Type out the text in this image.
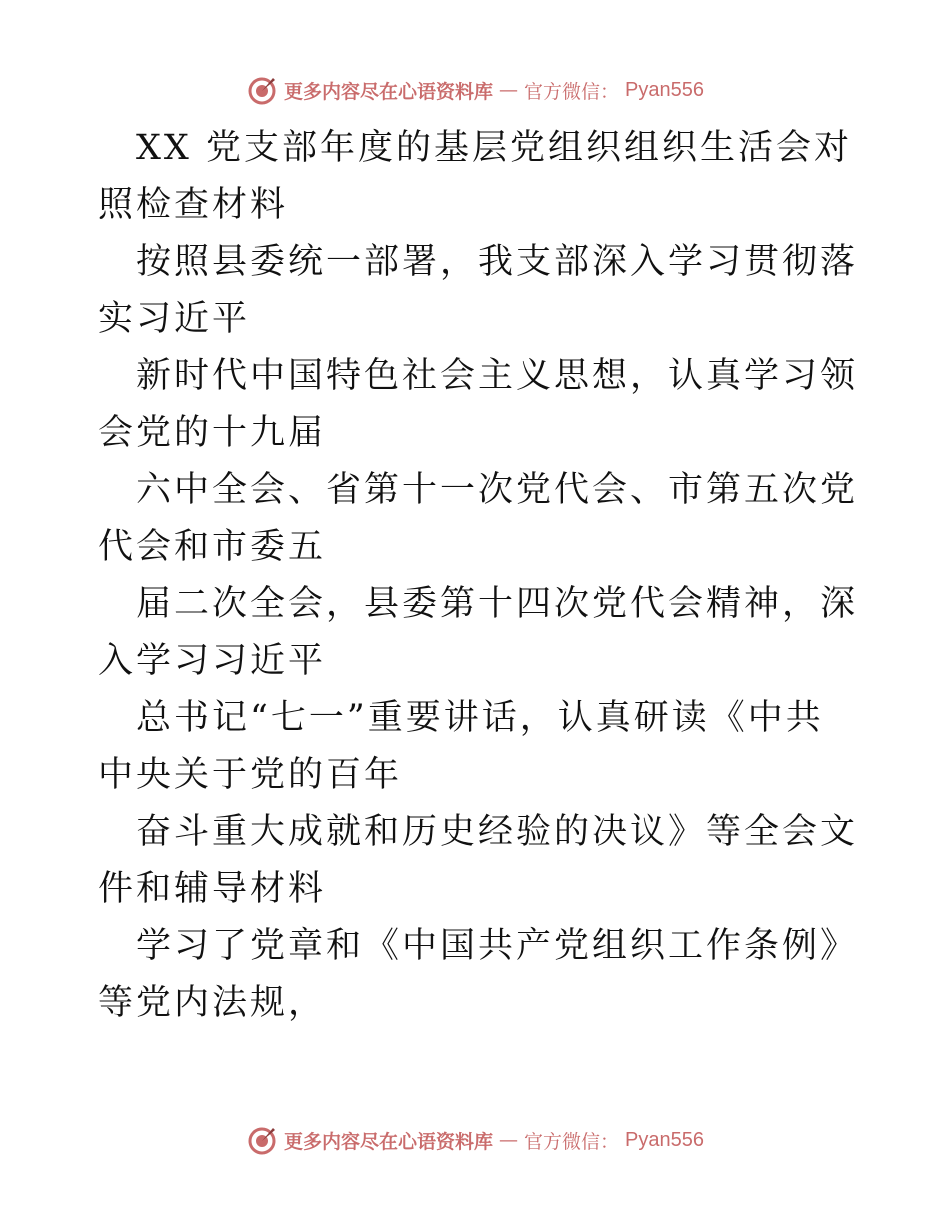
更多内容尽在心语资料库 — 官方微信： Pyan556

XX 党支部年度的基层党组织组织生活会对照检查材料

按照县委统一部署，我支部深入学习贯彻落实习近平

新时代中国特色社会主义思想，认真学习领会党的十九届

六中全会、省第十一次党代会、市第五次党代会和市委五

届二次全会，县委第十四次党代会精神，深入学习习近平

总书记“七一”重要讲话，认真研读《中共中央关于党的百年

奋斗重大成就和历史经验的决议》等全会文件和辅导材料

学习了党章和《中国共产党组织工作条例》等党内法规，

更多内容尽在心语资料库 — 官方微信： Pyan556
